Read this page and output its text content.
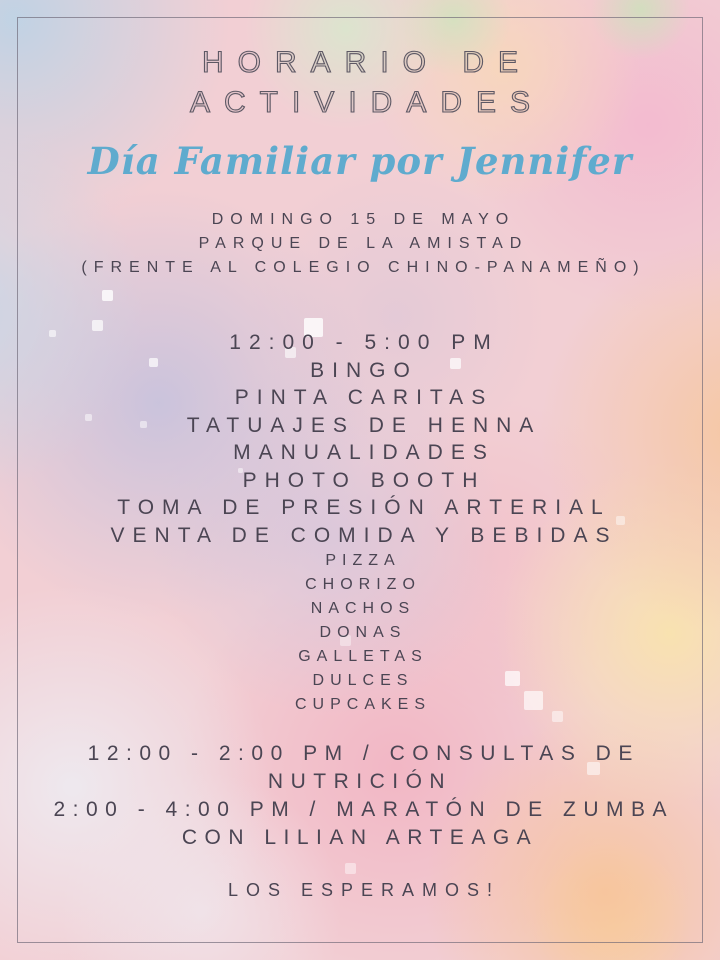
HORARIO DE
ACTIVIDADES
Día Familiar por Jennifer
DOMINGO 15 DE MAYO
PARQUE DE LA AMISTAD
(FRENTE AL COLEGIO CHINO-PANAMEÑO)
12:00 - 5:00 PM
BINGO
PINTA CARITAS
TATUAJES DE HENNA
MANUALIDADES
PHOTO BOOTH
TOMA DE PRESIÓN ARTERIAL
VENTA DE COMIDA Y BEBIDAS
PIZZA
CHORIZO
NACHOS
DONAS
GALLETAS
DULCES
CUPCAKES
12:00 - 2:00 PM / CONSULTAS DE NUTRICIÓN
2:00 - 4:00 PM / MARATÓN DE ZUMBA CON LILIAN ARTEAGA
LOS ESPERAMOS!
